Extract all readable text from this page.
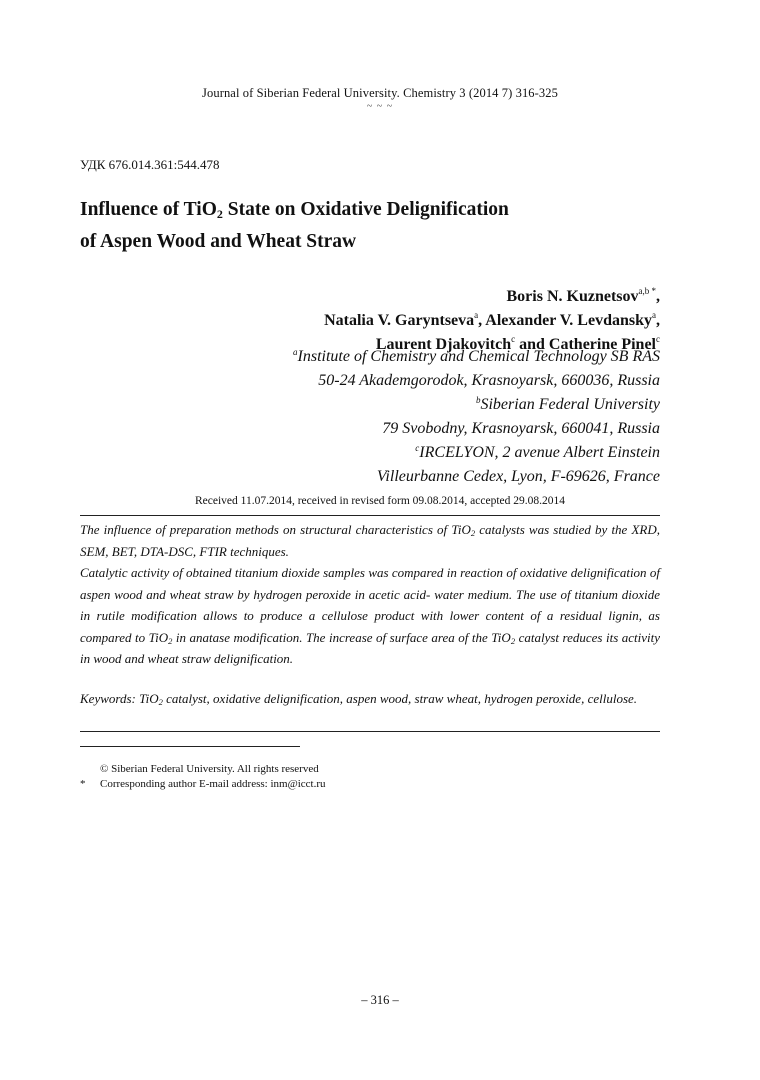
Journal of Siberian Federal University. Chemistry 3 (2014 7) 316-325
~ ~ ~
УДК 676.014.361:544.478
Influence of TiO$_2$ State on Oxidative Delignification
of Aspen Wood and Wheat Straw
Boris N. Kuznetsov$^{a,b *}$,
Natalia V. Garyntseva$^a$, Alexander V. Levdansky$^a$,
Laurent Djakovitch$^c$ and Catherine Pinel$^c$
$^a$Institute of Chemistry and Chemical Technology SB RAS
50-24 Akademgorodok, Krasnoyarsk, 660036, Russia
$^b$Siberian Federal University
79 Svobodny, Krasnoyarsk, 660041, Russia
$^c$IRCELYON, 2 avenue Albert Einstein
Villeurbanne Cedex, Lyon, F-69626, France
Received 11.07.2014, received in revised form 09.08.2014, accepted 29.08.2014

The influence of preparation methods on structural characteristics of TiO$_2$ catalysts was studied by the XRD, SEM, BET, DTA-DSC, FTIR techniques.

Catalytic activity of obtained titanium dioxide samples was compared in reaction of oxidative delignification of aspen wood and wheat straw by hydrogen peroxide in acetic acid- water medium. The use of titanium dioxide in rutile modification allows to produce a cellulose product with lower content of a residual lignin, as compared to TiO$_2$ in anatase modification. The increase of surface area of the TiO$_2$ catalyst reduces its activity in wood and wheat straw delignification.

Keywords: TiO$_2$ catalyst, oxidative delignification, aspen wood, straw wheat, hydrogen peroxide, cellulose.
© Siberian Federal University. All rights reserved
* Corresponding author E-mail address: inm@icct.ru
– 316 –
